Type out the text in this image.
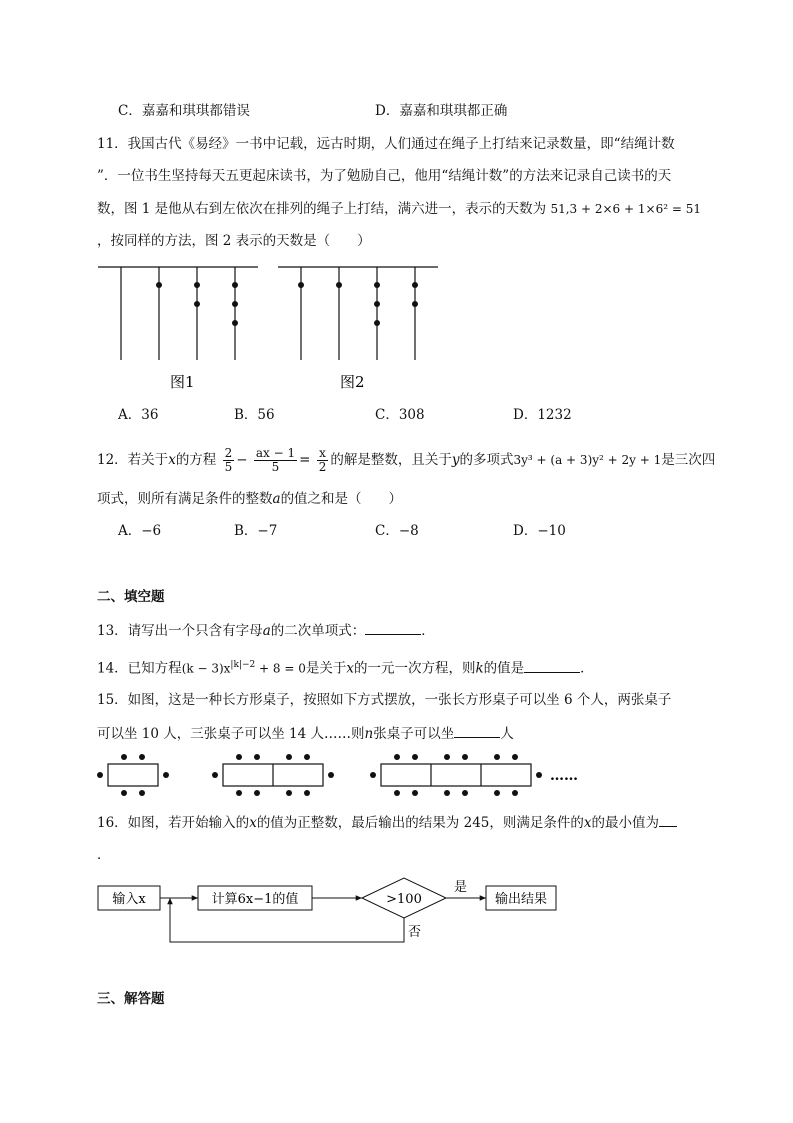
C．嘉嘉和琪琪都错误	D．嘉嘉和琪琪都正确
11．我国古代《易经》一书中记载，远古时期，人们通过在绳子上打结来记录数量，即“结绳计数
”．一位书生坚持每天五更起床读书，为了勉励自己，他用“结绳计数”的方法来记录自己读书的天
数，图 1 是他从右到左依次在排列的绳子上打结，满六进一，表示的天数为 51,3 + 2×6 + 1×6² = 51
，按同样的方法，图 2 表示的天数是（　　）
图1	图2
A．36	B．56	C．308	D．1232
12．若关于x的方程 $\frac{2}{5} - \frac{ax - 1}{5} = \frac{x}{2}$ 的解是整数，且关于y的多项式3y³ + (a + 3)y² + 2y + 1是三次四
项式，则所有满足条件的整数a的值之和是（　　）
A．−6	B．−7	C．−8	D．−10
二、填空题
13．请写出一个只含有字母a的二次单项式：	．
14．已知方程$(k - 3)x^{|k|-2} + 8 = 0$是关于x的一元一次方程，则k的值是	．
15．如图，这是一种长方形桌子，按照如下方式摆放，一张长方形桌子可以坐 6 个人，两张桌子
可以坐 10 人，三张桌子可以坐 14 人……则n张桌子可以坐	人
……
16．如图，若开始输入的x的值为正整数，最后输出的结果为 245，则满足条件的x的最小值为
．
输入x	计算6x−1的值	>100
是
输出结果
否
三、解答题
